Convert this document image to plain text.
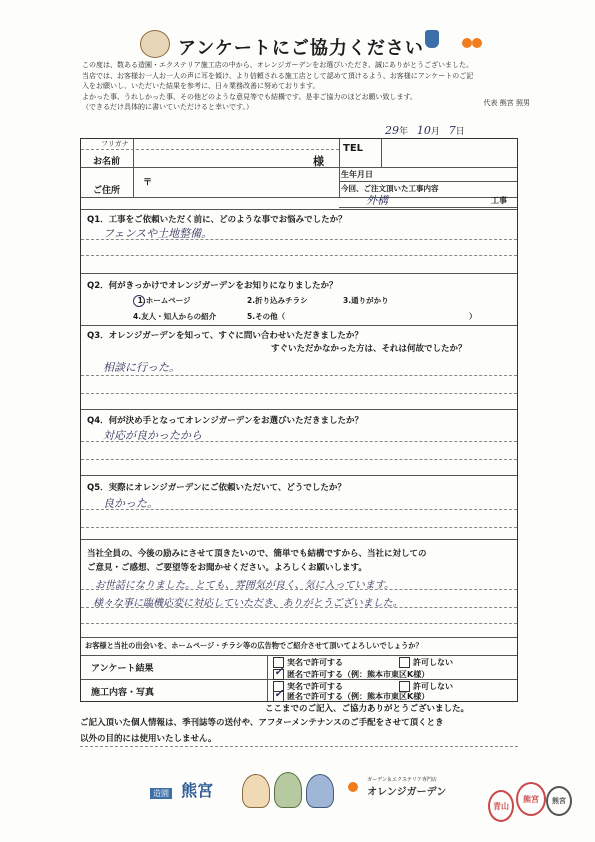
アンケートにご協力ください

この度は、数ある造園・エクステリア施工店の中から、オレンジガーデンをお選びいただき、誠にありがとうございました。

当店では、お客様お一人お一人の声に耳を傾け、より信頼される施工店として認めて頂けるよう、お客様にアンケートのご記

入をお願いし、いただいた結果を参考に、日々業務改善に努めております。

よかった事、うれしかった事、その他どのような意見等でも結構です。是非ご協力のほどお願い致します。

（できるだけ具体的に書いていただけると幸いです。）	代表 熊宮 照男
29年 10月 7日
フリガナ
お名前	様
TEL
生年月日
ご住所
〒
今回、ご注文頂いた工事内容
外構	工事
Q1．工事をご依頼いただく前に、どのような事でお悩みでしたか？
フェンスや土地整備。
Q2．何がきっかけでオレンジガーデンをお知りになりましたか？
1.ホームページ	2.折り込みチラシ	3.通りがかり
4.友人・知人からの紹介	5.その他（	）
Q3．オレンジガーデンを知って、すぐに問い合わせいただきましたか？
すぐいただかなかった方は、それは何故でしたか？
相談に行った。
Q4．何が決め手となってオレンジガーデンをお選びいただきましたか？
対応が良かったから
Q5．実際にオレンジガーデンにご依頼いただいて、どうでしたか？
良かった。
当社全員の、今後の励みにさせて頂きたいので、簡単でも結構ですから、当社に対しての
ご意見・ご感想、ご要望等をお聞かせください。よろしくお願いします。
お世話になりました。とても、雰囲気が良く、気に入っています。
様々な事に臨機応変に対応していただき、ありがとうございました。
お客様と当社の出会いを、ホームページ・チラシ等の広告物でご紹介させて頂いてよろしいでしょうか？
アンケート結果
実名で許可する	許可しない
✓ 匿名で許可する（例：熊本市東区K様）
施工内容・写真
実名で許可する	許可しない
✓ 匿名で許可する（例：熊本市東区K様）
ここまでのご記入、ご協力ありがとうございました。
ご記入頂いた個人情報は、季刊誌等の送付や、アフターメンテナンスのご手配をさせて頂くとき
以外の目的には使用いたしません。
造園 熊宮

ガーデン＆エクステリア専門店
オレンジガーデン
青山
熊宮	熊宮
